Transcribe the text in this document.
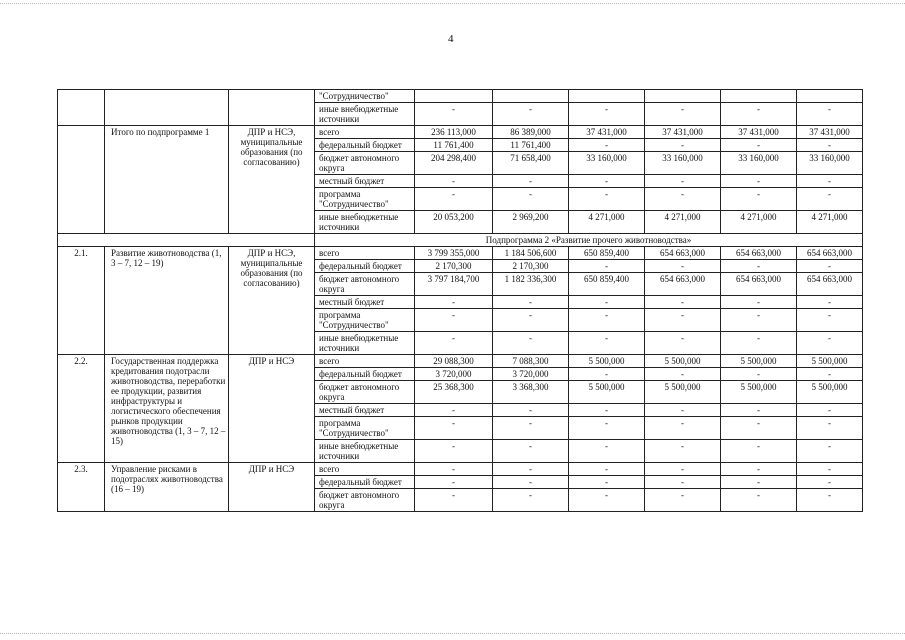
4
			"Сотрудничество"						
			иные внебюджетные источники	-	-	-	-	-	-
	Итого по подпрограмме 1	ДПР и НСЭ, муниципальные образования (по согласованию)	всего	236 113,000	86 389,000	37 431,000	37 431,000	37 431,000	37 431,000
			федеральный бюджет	11 761,400	11 761,400	-	-	-	-
			бюджет автономного округа	204 298,400	71 658,400	33 160,000	33 160,000	33 160,000	33 160,000
			местный бюджет	-	-	-	-	-	-
			программа "Сотрудничество"	-	-	-	-	-	-
			иные внебюджетные источники	20 053,200	2 969,200	4 271,000	4 271,000	4 271,000	4 271,000
			Подпрограмма 2 «Развитие прочего животноводства»						
2.1.	Развитие животноводства (1, 3 – 7, 12 – 19)	ДПР и НСЭ, муниципальные образования (по согласованию)	всего	3 799 355,000	1 184 506,600	650 859,400	654 663,000	654 663,000	654 663,000
			федеральный бюджет	2 170,300	2 170,300	-	-	-	-
			бюджет автономного округа	3 797 184,700	1 182 336,300	650 859,400	654 663,000	654 663,000	654 663,000
			местный бюджет	-	-	-	-	-	-
			программа "Сотрудничество"	-	-	-	-	-	-
			иные внебюджетные источники	-	-	-	-	-	-
2.2.	Государственная поддержка кредитования подотрасли животноводства, переработки ее продукции, развития инфраструктуры и логистического обеспечения рынков продукции животноводства (1, 3 – 7, 12 – 15)	ДПР и НСЭ	всего	29 088,300	7 088,300	5 500,000	5 500,000	5 500,000	5 500,000
			федеральный бюджет	3 720,000	3 720,000	-	-	-	-
			бюджет автономного округа	25 368,300	3 368,300	5 500,000	5 500,000	5 500,000	5 500,000
			местный бюджет	-	-	-	-	-	-
			программа "Сотрудничество"	-	-	-	-	-	-
			иные внебюджетные источники	-	-	-	-	-	-
2.3.	Управление рисками в подотраслях животноводства (16 – 19)	ДПР и НСЭ	всего	-	-	-	-	-	-
			федеральный бюджет	-	-	-	-	-	-
			бюджет автономного округа	-	-	-	-	-	-
